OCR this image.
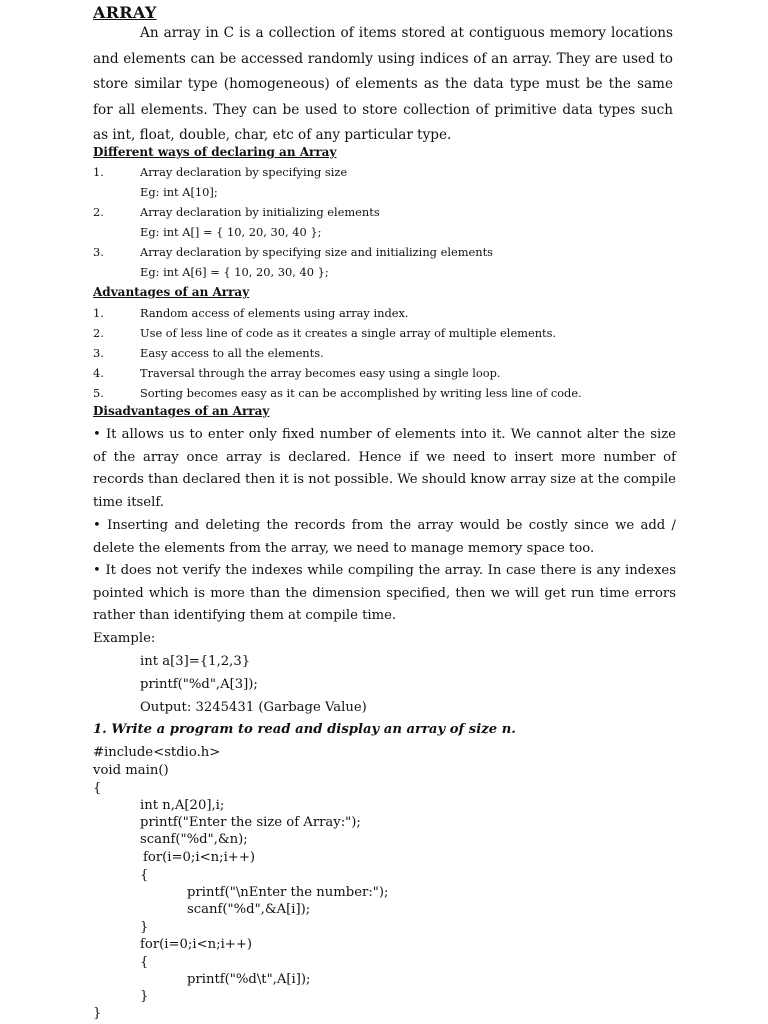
ARRAY
An array in C is a collection of items stored at contiguous memory locations and elements can be accessed randomly using indices of an array. They are used to store similar type (homogeneous) of elements as the data type must be the same for all elements. They can be used to store collection of primitive data types such as int, float, double, char, etc of any particular type.
Different ways of declaring an Array
1.	Array declaration by specifying size
Eg: int A[10];
2.	Array declaration by initializing elements
Eg: int A[] = { 10, 20, 30, 40 };
3.	Array declaration by specifying size and initializing elements
Eg: int A[6] = { 10, 20, 30, 40 };
Advantages of an Array
1.	Random access of elements using array index.
2.	Use of less line of code as it creates a single array of multiple elements.
3.	Easy access to all the elements.
4.	Traversal through the array becomes easy using a single loop.
5.	Sorting becomes easy as it can be accomplished by writing less line of code.
Disadvantages of an Array
• It allows us to enter only fixed number of elements into it. We cannot alter the size of the array once array is declared. Hence if we need to insert more number of records than declared then it is not possible. We should know array size at the compile time itself.
• Inserting and deleting the records from the array would be costly since we add / delete the elements from the array, we need to manage memory space too.
• It does not verify the indexes while compiling the array. In case there is any indexes pointed which is more than the dimension specified, then we will get run time errors rather than identifying them at compile time.
Example:
int a[3]={1,2,3}
printf("%d",A[3]);
Output: 3245431 (Garbage Value)
1. Write a program to read and display an array of size n.
#include<stdio.h>
void main()
{
int n,A[20],i;
printf("Enter the size of Array:");
scanf("%d",&n);
for(i=0;i<n;i++)
{
printf("\nEnter the number:");
scanf("%d",&A[i]);
}
for(i=0;i<n;i++)
{
printf("%d\t",A[i]);
}
}
